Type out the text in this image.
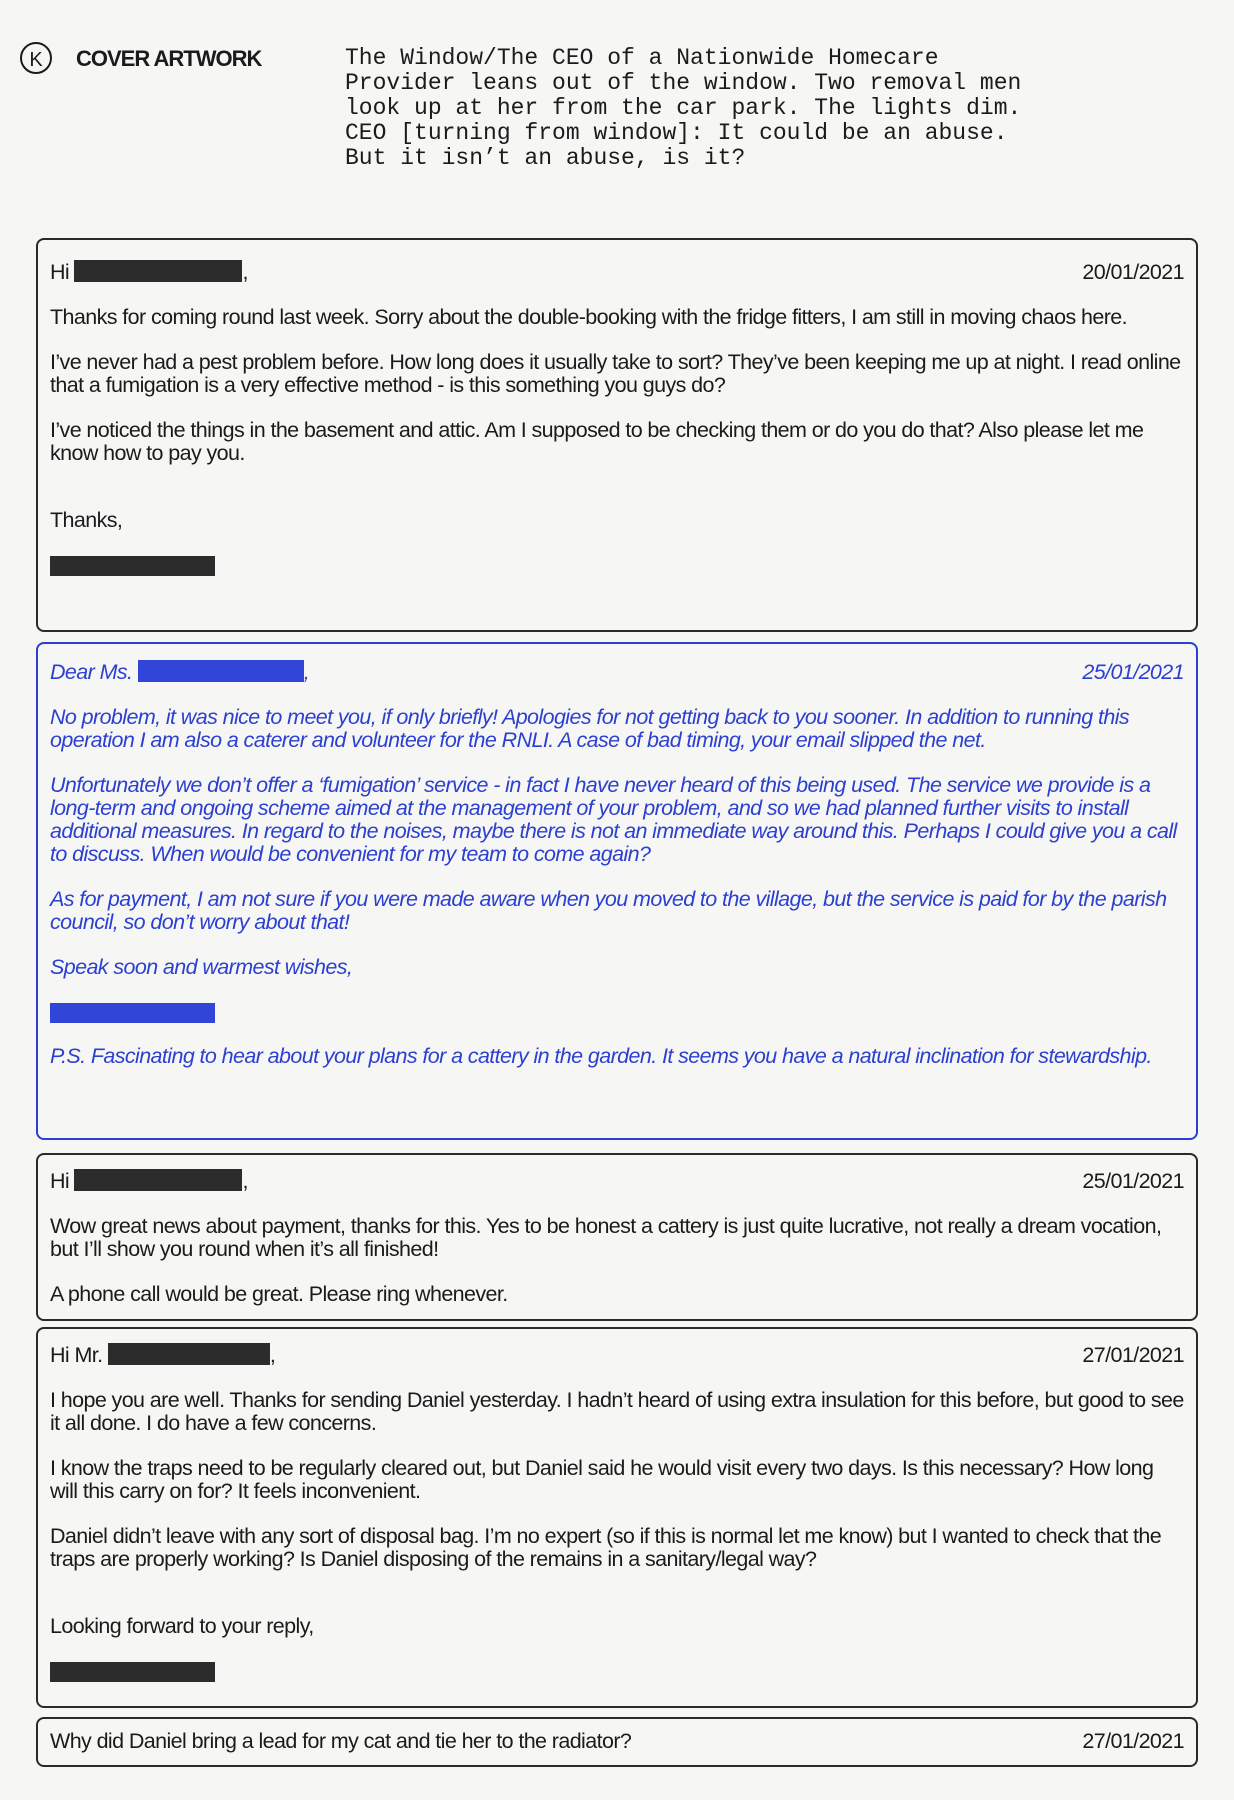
K	COVER ARTWORK	The Window/The CEO of a Nationwide Homecare
Provider leans out of the window. Two removal men
look up at her from the car park. The lights dim.
CEO [turning from window]: It could be an abuse.
But it isn’t an abuse, is it?
Hi	,	20/01/2021

Thanks for coming round last week. Sorry about the double-booking with the fridge fitters, I am still in moving chaos here.

I’ve never had a pest problem before. How long does it usually take to sort? They’ve been keeping me up at night. I read online that a fumigation is a very effective method - is this something you guys do?

I’ve noticed the things in the basement and attic. Am I supposed to be checking them or do you do that? Also please let me know how to pay you.

Thanks,

Dear Ms.	,	25/01/2021

No problem, it was nice to meet you, if only briefly! Apologies for not getting back to you sooner. In addition to running this operation I am also a caterer and volunteer for the RNLI. A case of bad timing, your email slipped the net.

Unfortunately we don’t offer a ‘fumigation’ service - in fact I have never heard of this being used. The service we provide is a long-term and ongoing scheme aimed at the management of your problem, and so we had planned further visits to install additional measures. In regard to the noises, maybe there is not an immediate way around this. Perhaps I could give you a call to discuss. When would be convenient for my team to come again?

As for payment, I am not sure if you were made aware when you moved to the village, but the service is paid for by the parish council, so don’t worry about that!

Speak soon and warmest wishes,

P.S. Fascinating to hear about your plans for a cattery in the garden. It seems you have a natural inclination for stewardship.

Hi	,	25/01/2021

Wow great news about payment, thanks for this. Yes to be honest a cattery is just quite lucrative, not really a dream vocation, but I’ll show you round when it’s all finished!

A phone call would be great. Please ring whenever.

Hi Mr.	,	27/01/2021

I hope you are well. Thanks for sending Daniel yesterday. I hadn’t heard of using extra insulation for this before, but good to see it all done. I do have a few concerns.

I know the traps need to be regularly cleared out, but Daniel said he would visit every two days. Is this necessary? How long will this carry on for? It feels inconvenient.

Daniel didn’t leave with any sort of disposal bag. I’m no expert (so if this is normal let me know) but I wanted to check that the traps are properly working? Is Daniel disposing of the remains in a sanitary/legal way?

Looking forward to your reply,

Why did Daniel bring a lead for my cat and tie her to the radiator?	27/01/2021
